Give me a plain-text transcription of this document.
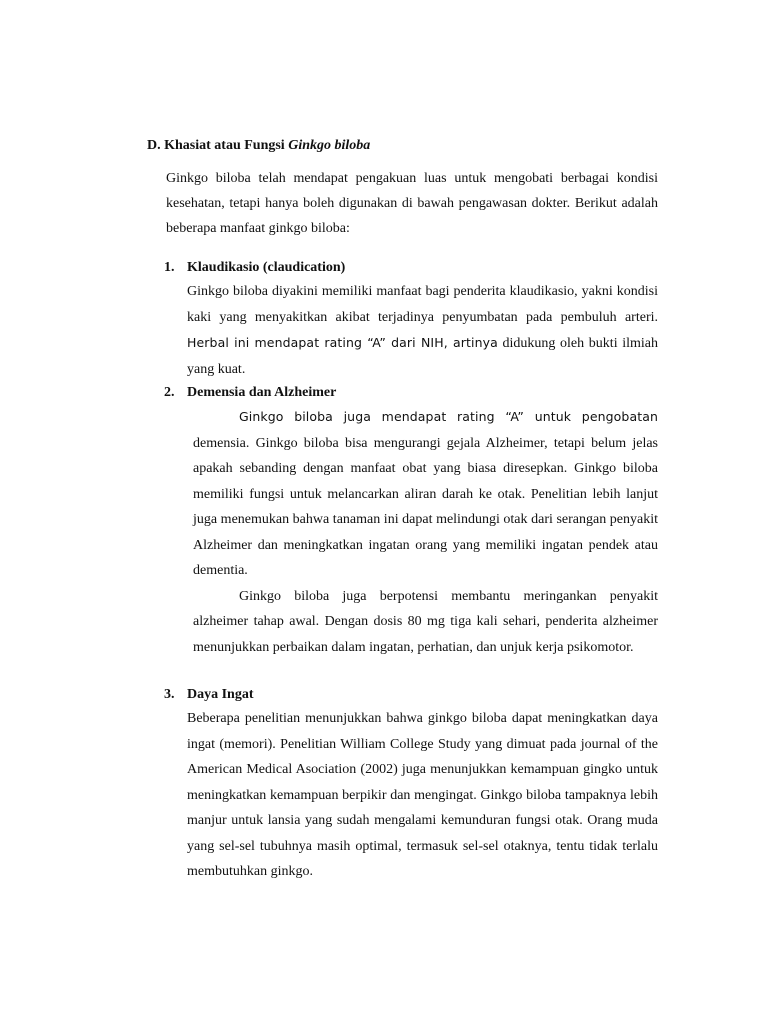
D. Khasiat atau Fungsi Ginkgo biloba
Ginkgo biloba telah mendapat pengakuan luas untuk mengobati berbagai kondisi kesehatan, tetapi hanya boleh digunakan di bawah pengawasan dokter. Berikut adalah beberapa manfaat ginkgo biloba:
1. Klaudikasio (claudication)
Ginkgo biloba diyakini memiliki manfaat bagi penderita klaudikasio, yakni kondisi kaki yang menyakitkan akibat terjadinya penyumbatan pada pembuluh arteri. Herbal ini mendapat rating “A” dari NIH, artinya didukung oleh bukti ilmiah yang kuat.
2. Demensia dan Alzheimer
Ginkgo biloba juga mendapat rating “A” untuk pengobatan demensia. Ginkgo biloba bisa mengurangi gejala Alzheimer, tetapi belum jelas apakah sebanding dengan manfaat obat yang biasa diresepkan. Ginkgo biloba memiliki fungsi untuk melancarkan aliran darah ke otak. Penelitian lebih lanjut juga menemukan bahwa tanaman ini dapat melindungi otak dari serangan penyakit Alzheimer dan meningkatkan ingatan orang yang memiliki ingatan pendek atau dementia.
Ginkgo biloba juga berpotensi membantu meringankan penyakit alzheimer tahap awal. Dengan dosis 80 mg tiga kali sehari, penderita alzheimer menunjukkan perbaikan dalam ingatan, perhatian, dan unjuk kerja psikomotor.
3. Daya Ingat
Beberapa penelitian menunjukkan bahwa ginkgo biloba dapat meningkatkan daya ingat (memori). Penelitian William College Study yang dimuat pada journal of the American Medical Asociation (2002) juga menunjukkan kemampuan gingko untuk meningkatkan kemampuan berpikir dan mengingat. Ginkgo biloba tampaknya lebih manjur untuk lansia yang sudah mengalami kemunduran fungsi otak. Orang muda yang sel-sel tubuhnya masih optimal, termasuk sel-sel otaknya, tentu tidak terlalu membutuhkan ginkgo.
